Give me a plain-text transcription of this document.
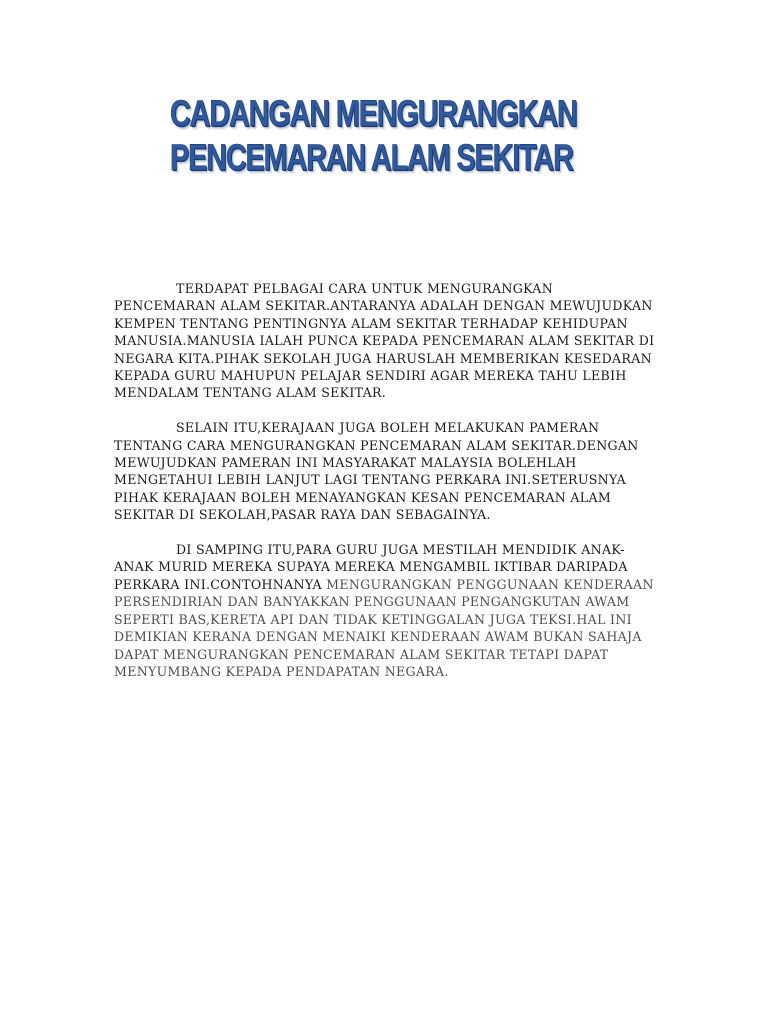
CADANGAN MENGURANGKAN
PENCEMARAN ALAM SEKITAR

TERDAPAT PELBAGAI CARA UNTUK MENGURANGKAN PENCEMARAN ALAM SEKITAR.ANTARANYA ADALAH DENGAN MEWUJUDKAN KEMPEN TENTANG PENTINGNYA ALAM SEKITAR TERHADAP KEHIDUPAN MANUSIA.MANUSIA IALAH PUNCA KEPADA PENCEMARAN ALAM SEKITAR DI NEGARA KITA.PIHAK SEKOLAH JUGA HARUSLAH MEMBERIKAN KESEDARAN KEPADA GURU MAHUPUN PELAJAR SENDIRI AGAR MEREKA TAHU LEBIH MENDALAM TENTANG ALAM SEKITAR.

SELAIN ITU,KERAJAAN JUGA BOLEH MELAKUKAN PAMERAN TENTANG CARA MENGURANGKAN PENCEMARAN ALAM SEKITAR.DENGAN MEWUJUDKAN PAMERAN INI MASYARAKAT MALAYSIA BOLEHLAH MENGETAHUI LEBIH LANJUT LAGI TENTANG PERKARA INI.SETERUSNYA PIHAK KERAJAAN BOLEH MENAYANGKAN KESAN PENCEMARAN ALAM SEKITAR DI SEKOLAH,PASAR RAYA DAN SEBAGAINYA.

DI SAMPING ITU,PARA GURU JUGA MESTILAH MENDIDIK ANAK-ANAK MURID MEREKA SUPAYA MEREKA MENGAMBIL IKTIBAR DARIPADA PERKARA INI.CONTOHNANYA MENGURANGKAN PENGGUNAAN KENDERAAN PERSENDIRIAN DAN BANYAKKAN PENGGUNAAN PENGANGKUTAN AWAM SEPERTI BAS,KERETA API DAN TIDAK KETINGGALAN JUGA TEKSI.HAL INI DEMIKIAN KERANA DENGAN MENAIKI KENDERAAN AWAM BUKAN SAHAJA DAPAT MENGURANGKAN PENCEMARAN ALAM SEKITAR TETAPI DAPAT MENYUMBANG KEPADA PENDAPATAN NEGARA.
